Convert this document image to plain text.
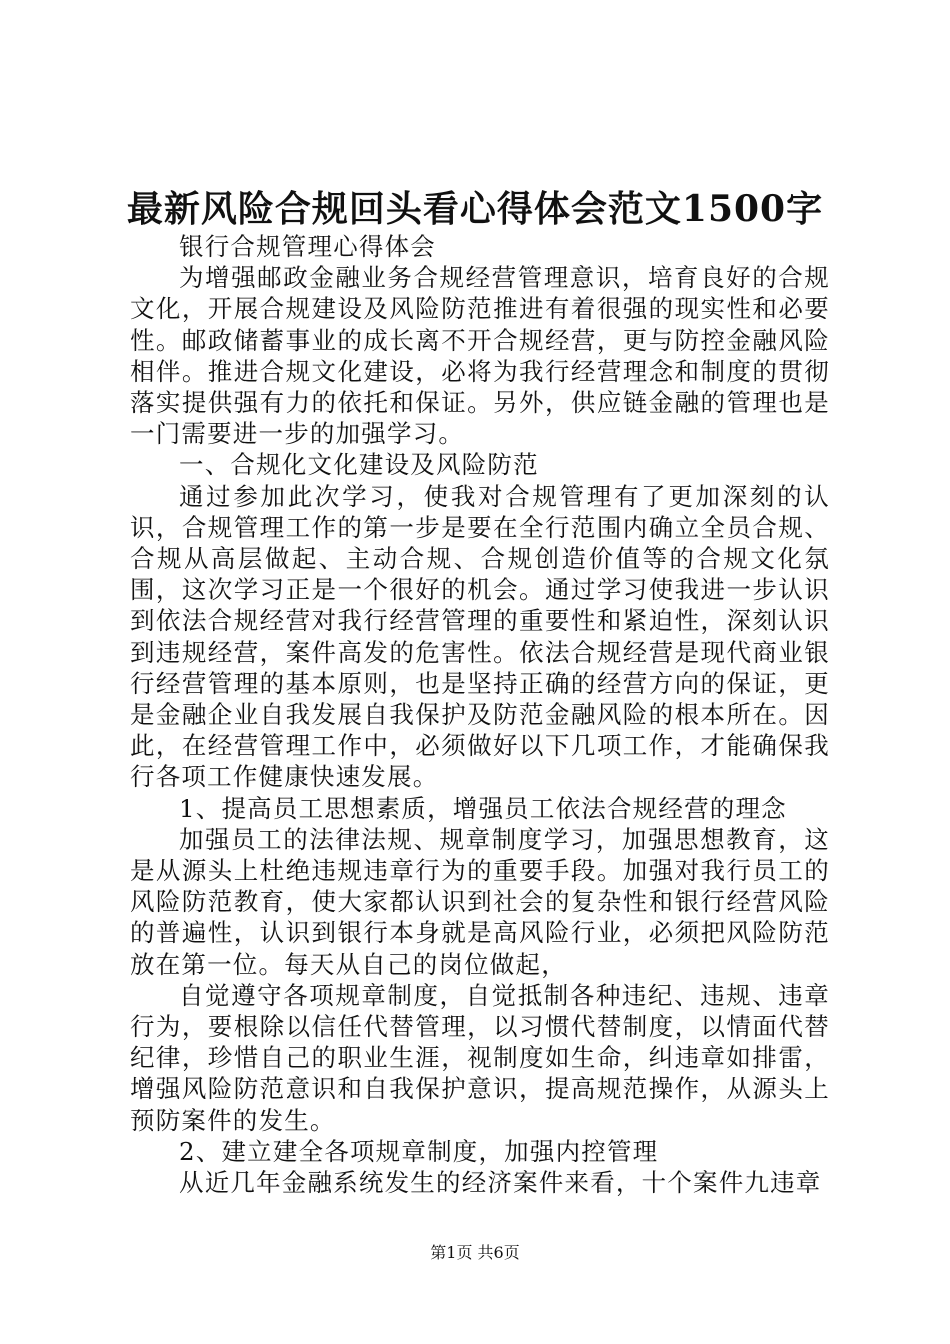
最新风险合规回头看心得体会范文1500字

银行合规管理心得体会

为增强邮政金融业务合规经营管理意识，培育良好的合规文化，开展合规建设及风险防范推进有着很强的现实性和必要性。邮政储蓄事业的成长离不开合规经营，更与防控金融风险相伴。推进合规文化建设，必将为我行经营理念和制度的贯彻落实提供强有力的依托和保证。另外，供应链金融的管理也是一门需要进一步的加强学习。

一、合规化文化建设及风险防范

通过参加此次学习，使我对合规管理有了更加深刻的认识，合规管理工作的第一步是要在全行范围内确立全员合规、合规从高层做起、主动合规、合规创造价值等的合规文化氛围，这次学习正是一个很好的机会。通过学习使我进一步认识到依法合规经营对我行经营管理的重要性和紧迫性，深刻认识到违规经营，案件高发的危害性。依法合规经营是现代商业银行经营管理的基本原则，也是坚持正确的经营方向的保证，更是金融企业自我发展自我保护及防范金融风险的根本所在。因此，在经营管理工作中，必须做好以下几项工作，才能确保我行各项工作健康快速发展。

1、提高员工思想素质，增强员工依法合规经营的理念

加强员工的法律法规、规章制度学习，加强思想教育，这是从源头上杜绝违规违章行为的重要手段。加强对我行员工的风险防范教育，使大家都认识到社会的复杂性和银行经营风险的普遍性，认识到银行本身就是高风险行业，必须把风险防范放在第一位。每天从自己的岗位做起，

自觉遵守各项规章制度，自觉抵制各种违纪、违规、违章行为，要根除以信任代替管理，以习惯代替制度，以情面代替纪律，珍惜自己的职业生涯，视制度如生命，纠违章如排雷，增强风险防范意识和自我保护意识，提高规范操作，从源头上预防案件的发生。

2、建立建全各项规章制度，加强内控管理

从近几年金融系统发生的经济案件来看，十个案件九违章

第1页 共6页
